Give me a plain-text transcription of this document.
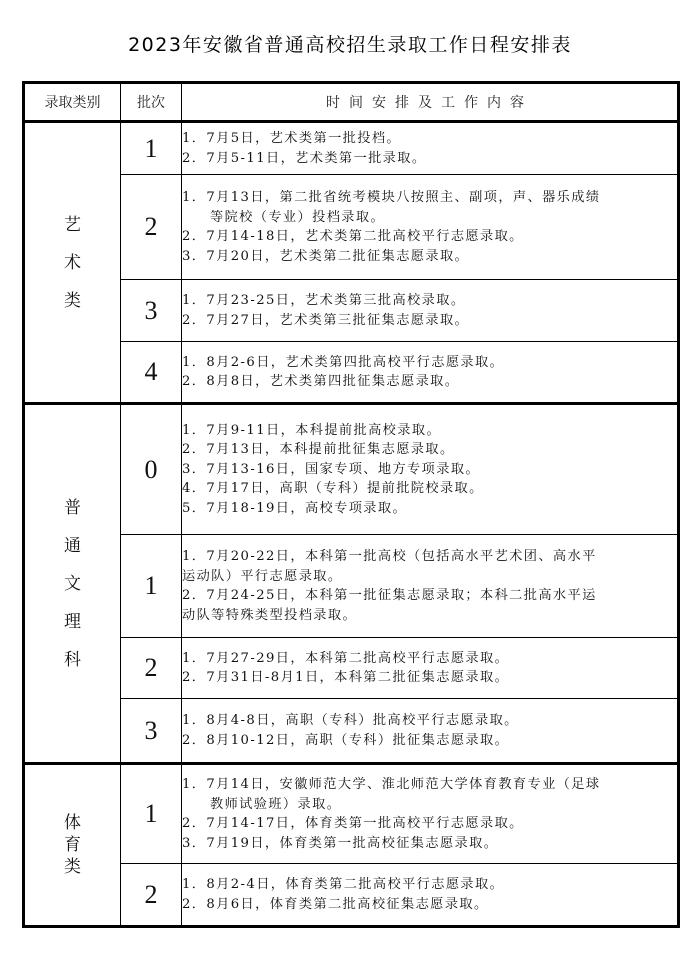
2023年安徽省普通高校招生录取工作日程安排表
录取类别	批次	时间安排及工作内容

艺
术
类	1	1．7月5日，艺术类第一批投档。
2．7月5-11日，艺术类第一批录取。

	2	1．7月13日，第二批省统考模块八按照主、副项，声、器乐成绩
等院校（专业）投档录取。
2．7月14-18日，艺术类第二批高校平行志愿录取。
3．7月20日，艺术类第二批征集志愿录取。

	3	1．7月23-25日，艺术类第三批高校录取。
2．7月27日，艺术类第三批征集志愿录取。

	4	1．8月2-6日，艺术类第四批高校平行志愿录取。
2．8月8日，艺术类第四批征集志愿录取。

普
通
文
理
科	0	1．7月9-11日，本科提前批高校录取。
2．7月13日，本科提前批征集志愿录取。
3．7月13-16日，国家专项、地方专项录取。
4．7月17日，高职（专科）提前批院校录取。
5．7月18-19日，高校专项录取。

	1	1．7月20-22日，本科第一批高校（包括高水平艺术团、高水平
运动队）平行志愿录取。
2．7月24-25日，本科第一批征集志愿录取；本科二批高水平运
动队等特殊类型投档录取。

	2	1．7月27-29日，本科第二批高校平行志愿录取。
2．7月31日-8月1日，本科第二批征集志愿录取。

	3	1．8月4-8日，高职（专科）批高校平行志愿录取。
2．8月10-12日，高职（专科）批征集志愿录取。

体
育
类	1	1．7月14日，安徽师范大学、淮北师范大学体育教育专业（足球
教师试验班）录取。
2．7月14-17日，体育类第一批高校平行志愿录取。
3．7月19日，体育类第一批高校征集志愿录取。

	2	1．8月2-4日，体育类第二批高校平行志愿录取。
2．8月6日，体育类第二批高校征集志愿录取。
